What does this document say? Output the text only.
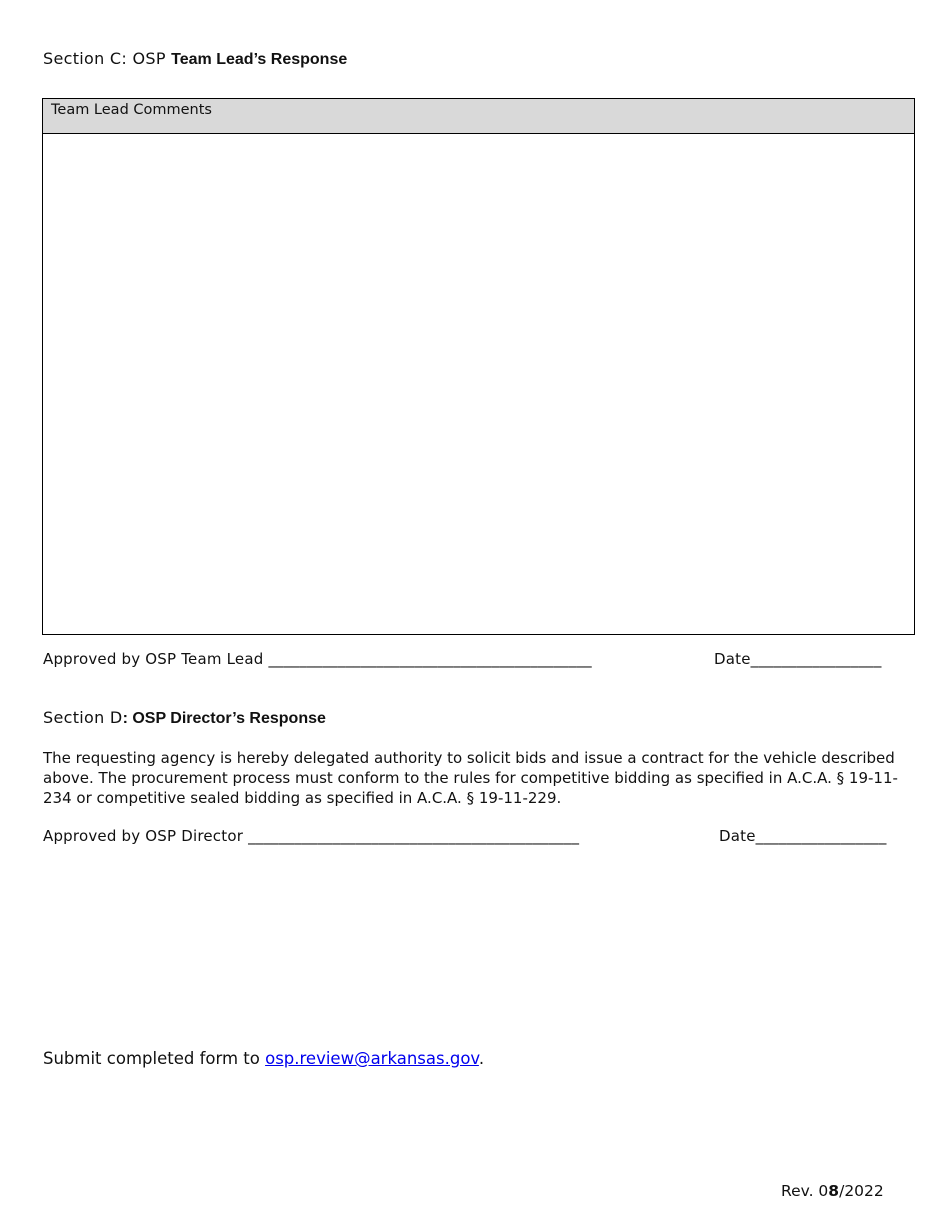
Section C: OSP Team Lead’s Response
Team Lead Comments
Approved by OSP Team Lead __________________________________________	Date_________________
Section D: OSP Director’s Response
The requesting agency is hereby delegated authority to solicit bids and issue a contract for the vehicle described above. The procurement process must conform to the rules for competitive bidding as specified in A.C.A. § 19-11-234 or competitive sealed bidding as specified in A.C.A. § 19-11-229.
Approved by OSP Director ___________________________________________	Date_________________
Submit completed form to osp.review@arkansas.gov.
Rev. 08/2022
